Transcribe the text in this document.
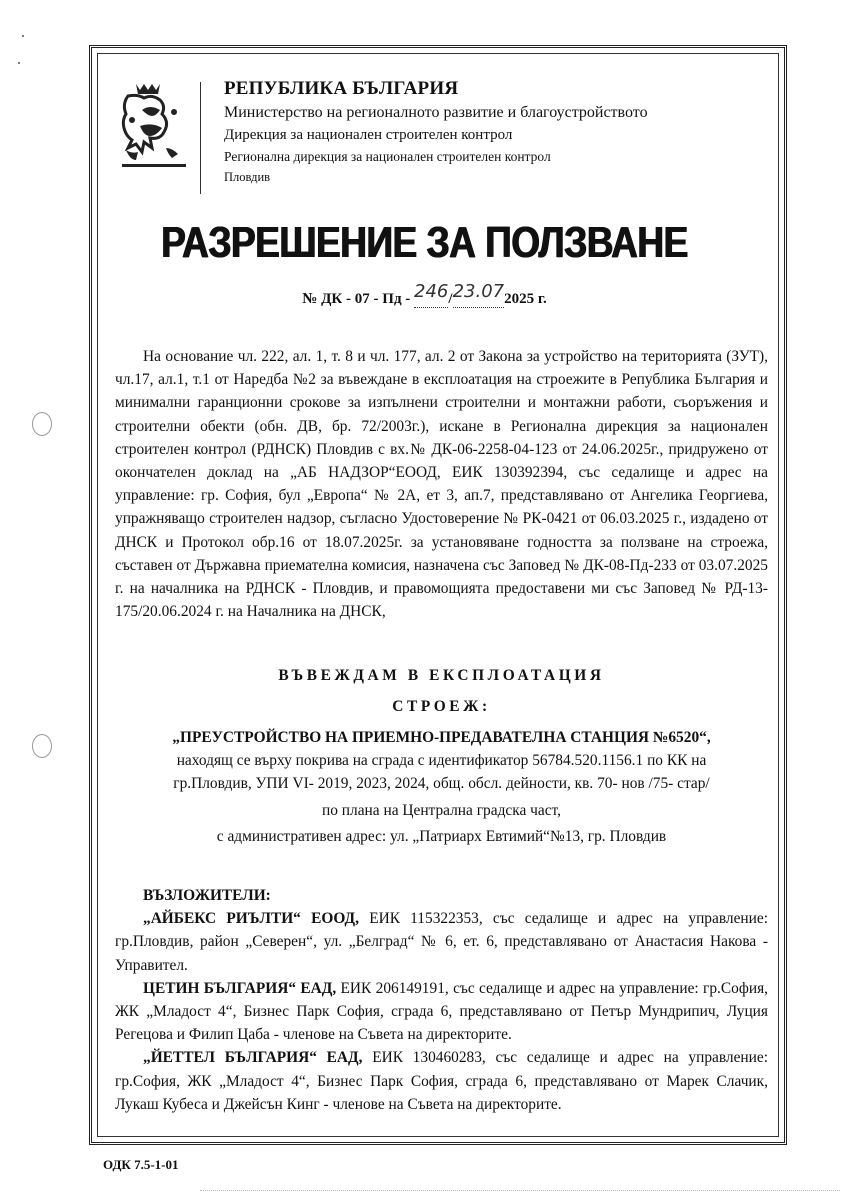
РЕПУБЛИКА БЪЛГАРИЯ
Министерство на регионалното развитие и благоустройството
Дирекция за национален строителен контрол
Регионална дирекция за национален строителен контрол
Пловдив
РАЗРЕШЕНИЕ ЗА ПОЛЗВАНЕ
№ ДК - 07 - Пд - 246/23.072025 г.
На основание чл. 222, ал. 1, т. 8 и чл. 177, ал. 2 от Закона за устройство на територията (ЗУТ), чл.17, ал.1, т.1 от Наредба №2 за въвеждане в експлоатация на строежите в Република България и минимални гаранционни срокове за изпълнени строителни и монтажни работи, съоръжения и строителни обекти (обн. ДВ, бр. 72/2003г.), искане в Регионална дирекция за национален строителен контрол (РДНСК) Пловдив с вх.№ ДК-06-2258-04-123 от 24.06.2025г., придружено от окончателен доклад на „АБ НАДЗОР“ЕООД, ЕИК 130392394, със седалище и адрес на управление: гр. София, бул „Европа“ № 2А, ет 3, ап.7, представлявано от Ангелика Георгиева, упражняващо строителен надзор, съгласно Удостоверение № РК-0421 от 06.03.2025 г., издадено от ДНСК и Протокол обр.16 от 18.07.2025г. за установяване годността за ползване на строежа, съставен от Държавна приемателна комисия, назначена със Заповед № ДК-08-Пд-233 от 03.07.2025 г. на началника на РДНСК - Пловдив, и правомощията предоставени ми със Заповед № РД-13-175/20.06.2024 г. на Началника на ДНСК,
ВЪВЕЖДАМ В ЕКСПЛОАТАЦИЯ
СТРОЕЖ:
„ПРЕУСТРОЙСТВО НА ПРИЕМНО-ПРЕДАВАТЕЛНА СТАНЦИЯ №6520“,
находящ се върху покрива на сграда с идентификатор 56784.520.1156.1 по КК на
гр.Пловдив, УПИ VI- 2019, 2023, 2024, общ. обсл. дейности, кв. 70- нов /75- стар/
по плана на Централна градска част,
с административен адрес: ул. „Патриарх Евтимий“№13, гр. Пловдив
ВЪЗЛОЖИТЕЛИ:
„АЙБЕКС РИЪЛТИ“ ЕООД, ЕИК 115322353, със седалище и адрес на управление: гр.Пловдив, район „Северен“, ул. „Белград“ № 6, ет. 6, представлявано от Анастасия Накова - Управител.
ЦЕТИН БЪЛГАРИЯ“ ЕАД, ЕИК 206149191, със седалище и адрес на управление: гр.София, ЖК „Младост 4“, Бизнес Парк София, сграда 6, представлявано от Петър Мундрипич, Луция Регецова и Филип Цаба - членове на Съвета на директорите.
„ЙЕТТЕЛ БЪЛГАРИЯ“ ЕАД, ЕИК 130460283, със седалище и адрес на управление: гр.София, ЖК „Младост 4“, Бизнес Парк София, сграда 6, представлявано от Марек Слачик, Лукаш Кубеса и Джейсън Кинг - членове на Съвета на директорите.
ОДК 7.5-1-01
